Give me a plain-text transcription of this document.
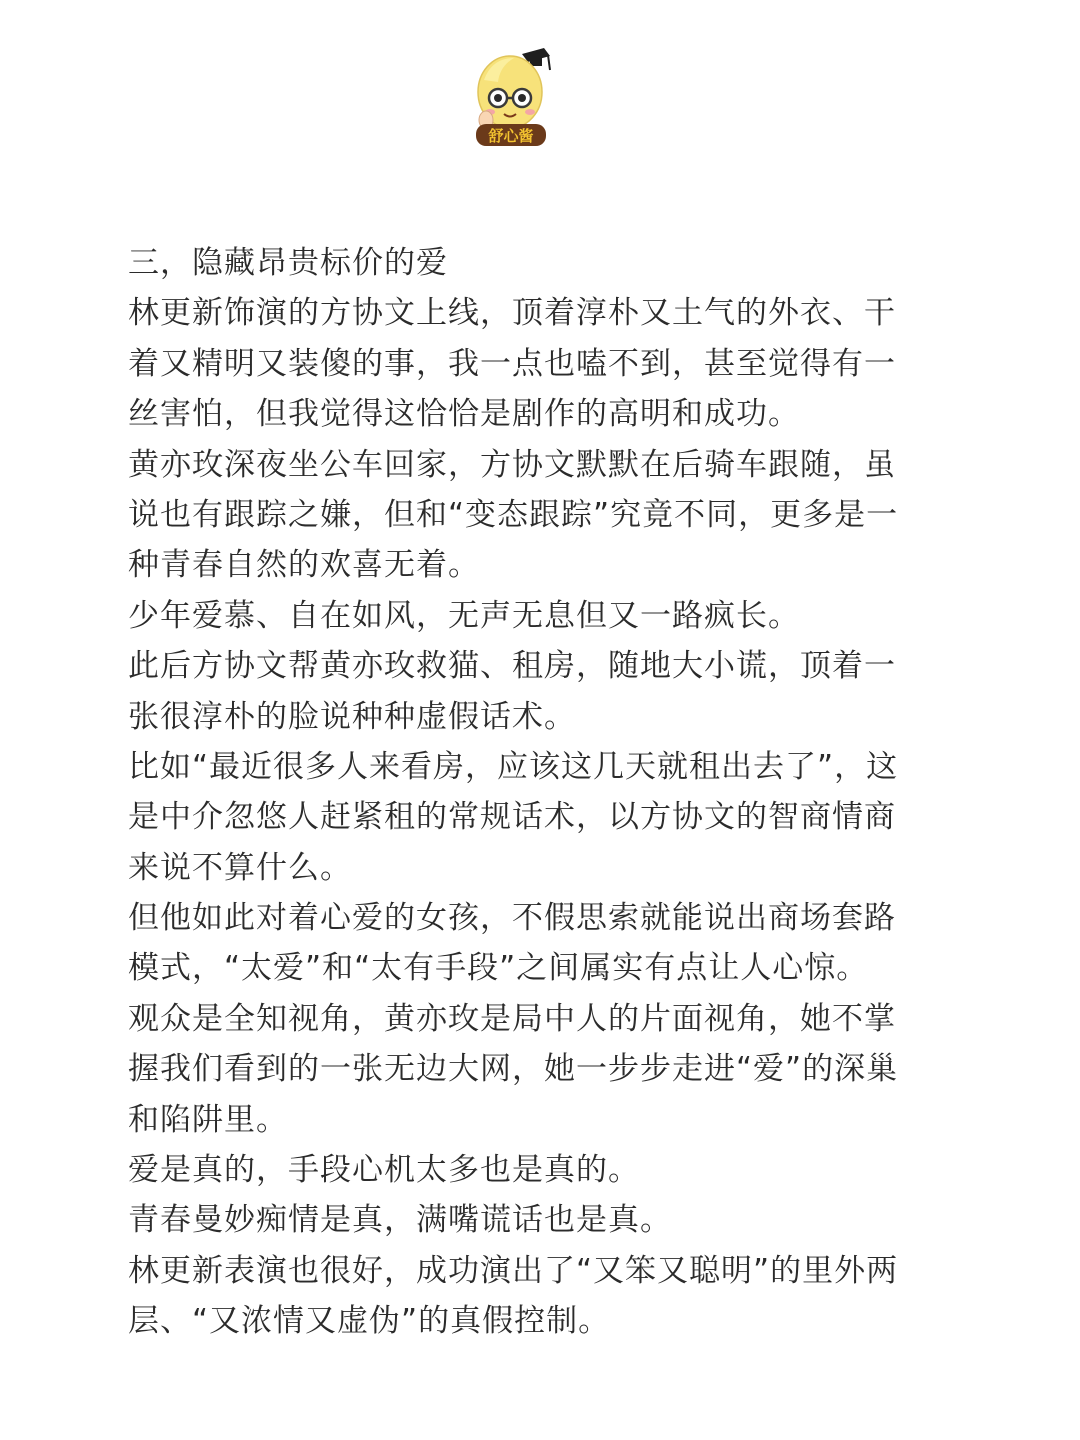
舒心酱
三，隐藏昂贵标价的爱
林更新饰演的方协文上线，顶着淳朴又土气的外衣、干
着又精明又装傻的事，我一点也嗑不到，甚至觉得有一
丝害怕，但我觉得这恰恰是剧作的高明和成功。
黄亦玫深夜坐公车回家，方协文默默在后骑车跟随，虽
说也有跟踪之嫌，但和“变态跟踪”究竟不同，更多是一
种青春自然的欢喜无着。
少年爱慕、自在如风，无声无息但又一路疯长。
此后方协文帮黄亦玫救猫、租房，随地大小谎，顶着一
张很淳朴的脸说种种虚假话术。
比如“最近很多人来看房，应该这几天就租出去了”，这
是中介忽悠人赶紧租的常规话术，以方协文的智商情商
来说不算什么。
但他如此对着心爱的女孩，不假思索就能说出商场套路
模式，“太爱”和“太有手段”之间属实有点让人心惊。
观众是全知视角，黄亦玫是局中人的片面视角，她不掌
握我们看到的一张无边大网，她一步步走进“爱”的深巢
和陷阱里。
爱是真的，手段心机太多也是真的。
青春曼妙痴情是真，满嘴谎话也是真。
林更新表演也很好，成功演出了“又笨又聪明”的里外两
层、“又浓情又虚伪”的真假控制。
